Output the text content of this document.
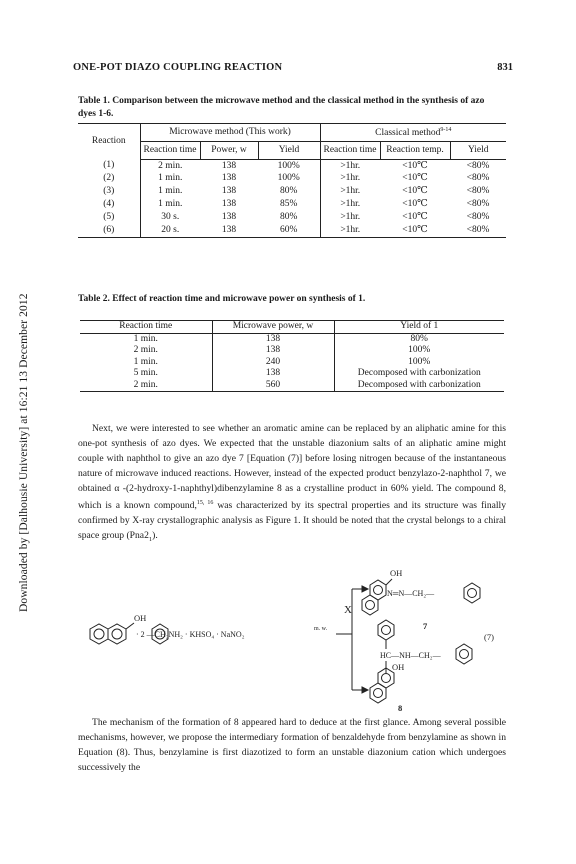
Downloaded by [Dalhousie University] at 16:21 13 December 2012
ONE-POT DIAZO COUPLING REACTION	831
Table 1. Comparison between the microwave method and the classical method in the synthesis of azo dyes 1-6.
Reaction	Microwave method (This work)			Classical method$^{9-14}$
	Reaction time	Power, w	Yield	Reaction time	Reaction temp.	Yield
(1)	2 min.	138	100%	>1hr.	<10℃	<80%
(2)	1 min.	138	100%	>1hr.	<10℃	<80%
(3)	1 min.	138	80%	>1hr.	<10℃	<80%
(4)	1 min.	138	85%	>1hr.	<10℃	<80%
(5)	30 s.	138	80%	>1hr.	<10℃	<80%
(6)	20 s.	138	60%	>1hr.	<10℃	<80%
Table 2. Effect of reaction time and microwave power on synthesis of 1.
Reaction time	Microwave power, w	Yield of 1
1 min.	138	80%
2 min.	138	100%
1 min.	240	100%
5 min.	138	Decomposed with carbonization
2 min.	560	Decomposed with carbonization
Next, we were interested to see whether an aromatic amine can be replaced by an aliphatic amine for this one-pot synthesis of azo dyes. We expected that the unstable diazonium salts of an aliphatic amine might couple with naphthol to give an azo dye 7 [Equation (7)] before losing nitrogen because of the instantaneous nature of microwave induced reactions. However, instead of the expected product benzylazo-2-naphthol 7, we obtained α -(2-hydroxy-1-naphthyl)dibenzylamine 8 as a crystalline product in 60% yield. The compound 8, which is a known compound,$^{15, 16}$ was characterized by its spectral properties and its structure was finally confirmed by X-ray crystallographic analysis as Figure 1. It should be noted that the crystal belongs to a chiral space group $(Pna2_1)$.
OH
· 2 —CH₂NH₂ · KHSO₄ · NaNO₂
m. w.
X
OH
N═N—CH₂—
7
(7)
HC—NH—CH₂—
OH
8
The mechanism of the formation of 8 appeared hard to deduce at the first glance. Among several possible mechanisms, however, we propose the intermediary formation of benzaldehyde from benzylamine as shown in Equation (8). Thus, benzylamine is first diazotized to form an unstable diazonium cation which undergoes successively the
